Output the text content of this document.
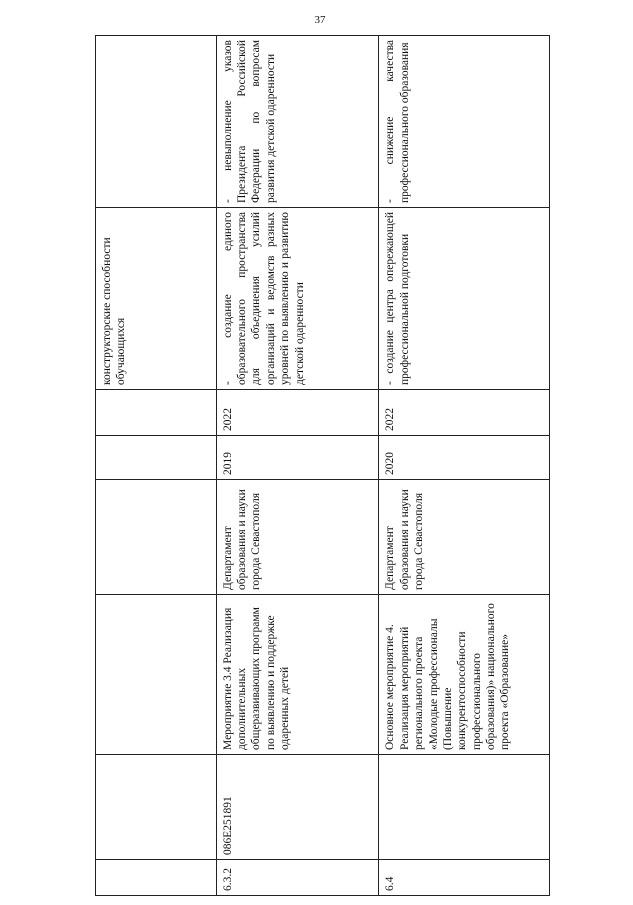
37
						конструкторские способности обучающихся	
6.3.2	086E251891	Мероприятие 3.4 Реализация дополнительных общеразвивающих программ по выявлению и поддержке одаренных детей	Департамент образования и науки города Севастополя	2019	2022	- создание единого образовательного пространства для объединения усилий организаций и ведомств разных уровней по выявлению и развитию детской одаренности	- невыполнение указов Президента Российской Федерации по вопросам развития детской одаренности
6.4		Основное мероприятие 4. Реализация мероприятий регионального проекта «Молодые профессионалы (Повышение конкурентоспособности профессионального образования)» национального проекта «Образование»	Департамент образования и науки города Севастополя	2020	2022	- создание центра опережающей профессиональной подготовки	- снижение качества профессионального образования
